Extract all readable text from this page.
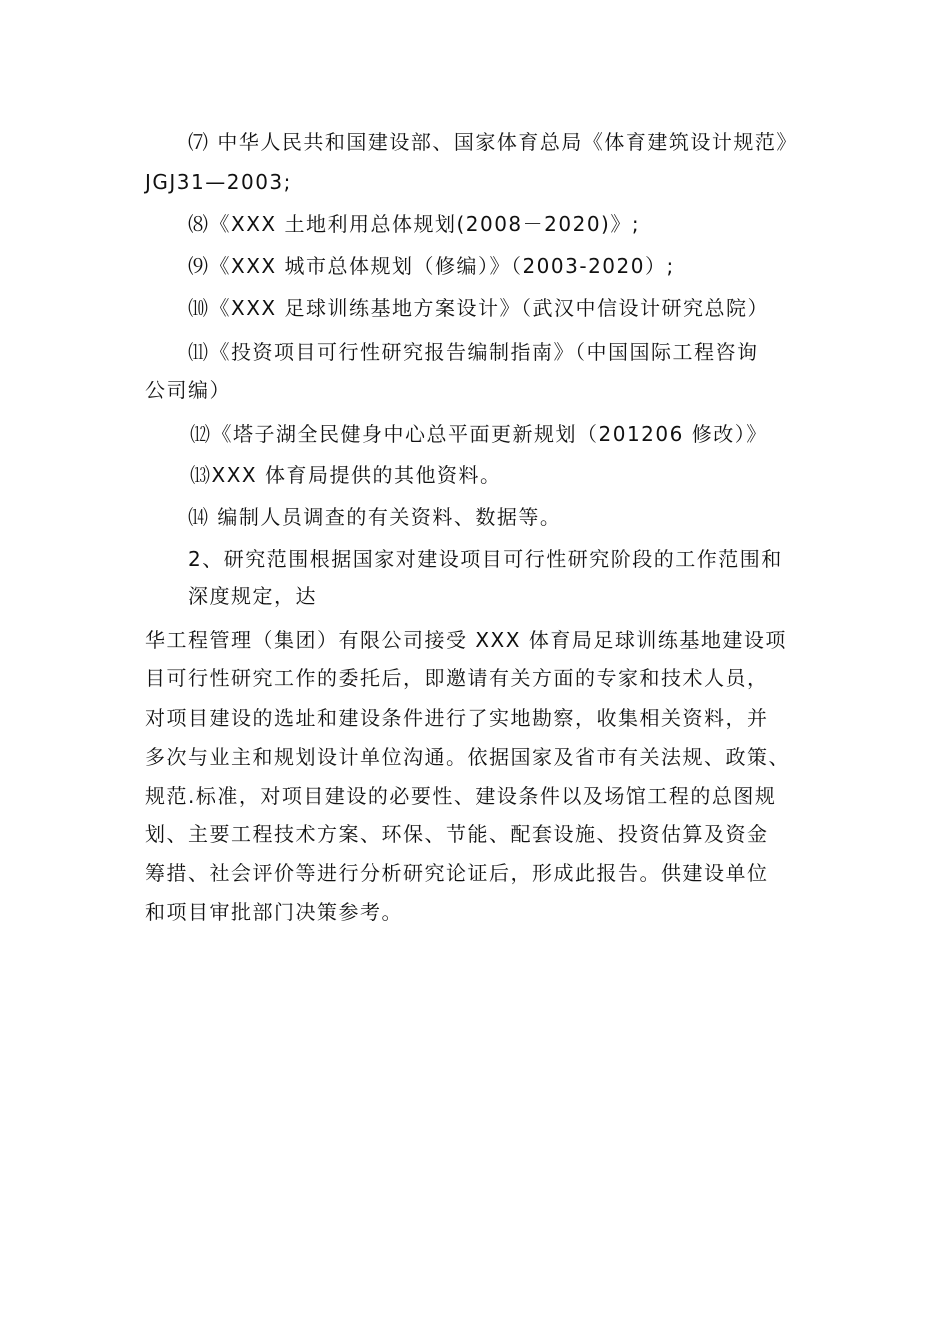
⑺ 中华人民共和国建设部、国家体育总局《体育建筑设计规范》
JGJ31—2003;
⑻《XXX 土地利用总体规划(2008－2020)》;
⑼《XXX 城市总体规划（修编）》（2003-2020）;
⑽《XXX 足球训练基地方案设计》（武汉中信设计研究总院）
⑾《投资项目可行性研究报告编制指南》（中国国际工程咨询
公司编）
⑿《塔子湖全民健身中心总平面更新规划（201206 修改）》
⒀XXX 体育局提供的其他资料。
⒁ 编制人员调查的有关资料、数据等。
2、研究范围根据国家对建设项目可行性研究阶段的工作范围和
深度规定，达
华工程管理（集团）有限公司接受 XXX 体育局足球训练基地建设项
目可行性研究工作的委托后，即邀请有关方面的专家和技术人员，
对项目建设的选址和建设条件进行了实地勘察，收集相关资料，并
多次与业主和规划设计单位沟通。依据国家及省市有关法规、政策、
规范.标准，对项目建设的必要性、建设条件以及场馆工程的总图规
划、主要工程技术方案、环保、节能、配套设施、投资估算及资金
筹措、社会评价等进行分析研究论证后，形成此报告。供建设单位
和项目审批部门决策参考。
